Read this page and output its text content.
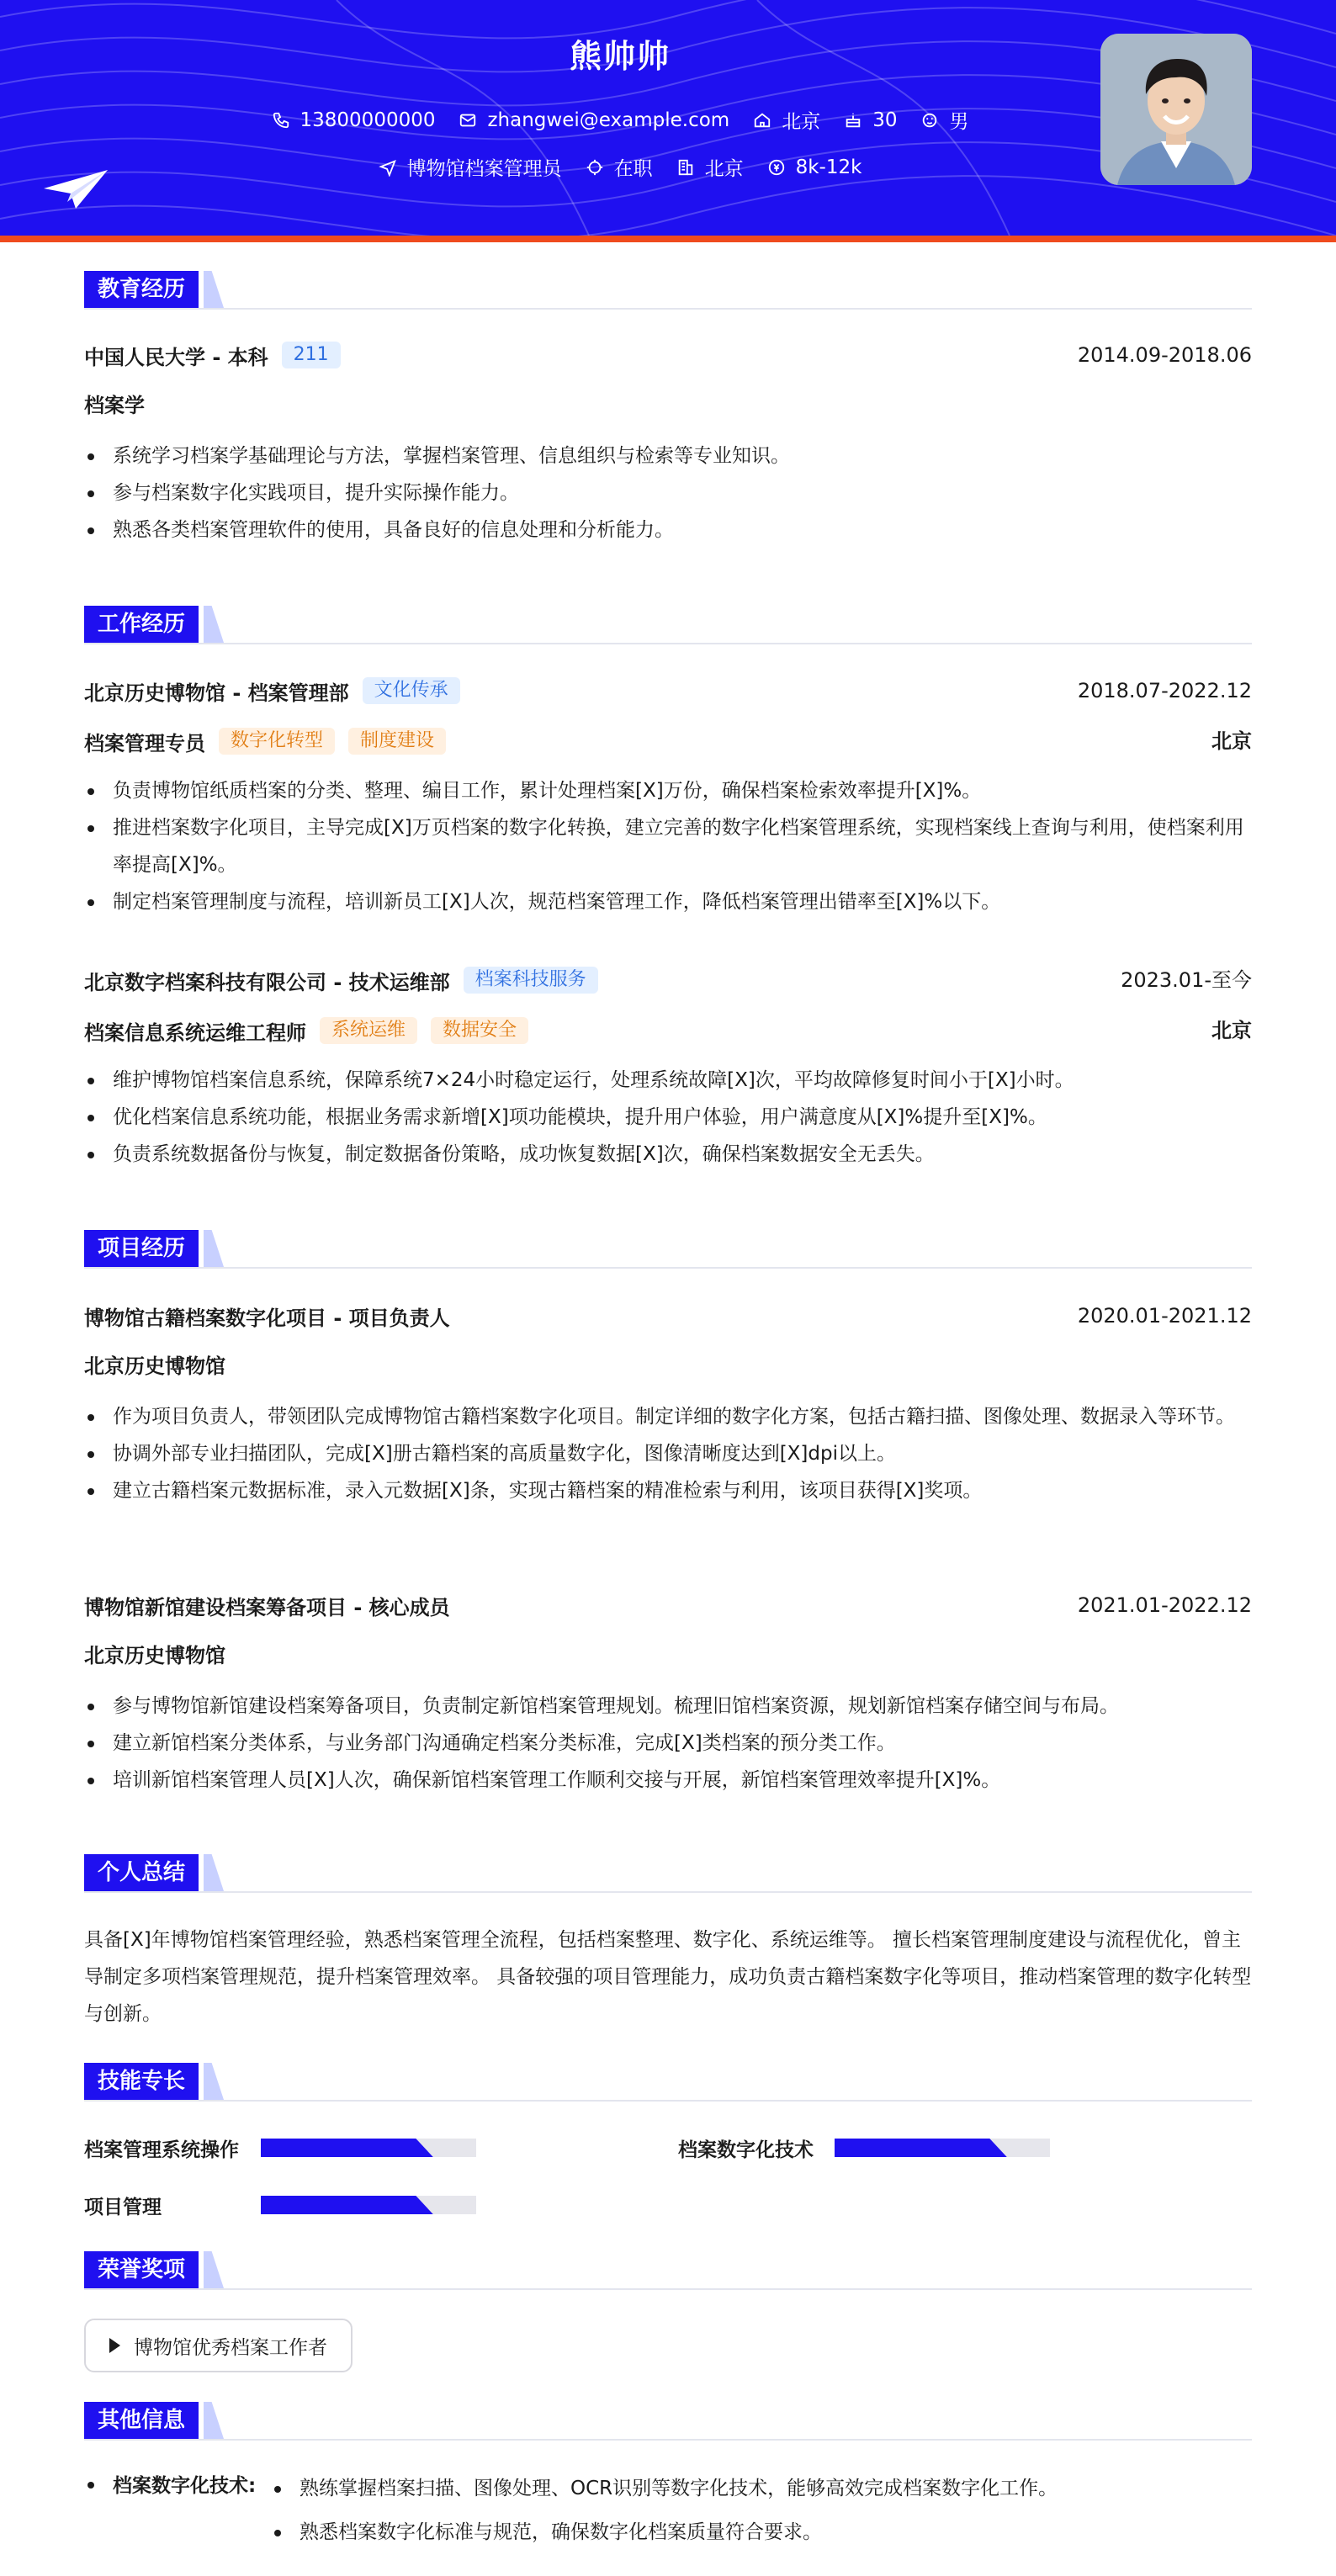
熊帅帅
13800000000	zhangwei@example.com	北京	30	男
博物馆档案管理员	在职	北京	8k-12k
教育经历
中国人民大学 - 本科	211	2014.09-2018.06
档案学
系统学习档案学基础理论与方法，掌握档案管理、信息组织与检索等专业知识。
参与档案数字化实践项目，提升实际操作能力。
熟悉各类档案管理软件的使用，具备良好的信息处理和分析能力。
工作经历
北京历史博物馆 - 档案管理部	文化传承	2018.07-2022.12
档案管理专员	数字化转型	制度建设	北京
负责博物馆纸质档案的分类、整理、编目工作，累计处理档案[X]万份，确保档案检索效率提升[X]%。
推进档案数字化项目，主导完成[X]万页档案的数字化转换，建立完善的数字化档案管理系统，实现档案线上查询与利用，使档案利用率提高[X]%。
制定档案管理制度与流程，培训新员工[X]人次，规范档案管理工作，降低档案管理出错率至[X]%以下。
北京数字档案科技有限公司 - 技术运维部	档案科技服务	2023.01-至今
档案信息系统运维工程师	系统运维	数据安全	北京
维护博物馆档案信息系统，保障系统7×24小时稳定运行，处理系统故障[X]次，平均故障修复时间小于[X]小时。
优化档案信息系统功能，根据业务需求新增[X]项功能模块，提升用户体验，用户满意度从[X]%提升至[X]%。
负责系统数据备份与恢复，制定数据备份策略，成功恢复数据[X]次，确保档案数据安全无丢失。
项目经历
博物馆古籍档案数字化项目 - 项目负责人	2020.01-2021.12
北京历史博物馆
作为项目负责人，带领团队完成博物馆古籍档案数字化项目。制定详细的数字化方案，包括古籍扫描、图像处理、数据录入等环节。
协调外部专业扫描团队，完成[X]册古籍档案的高质量数字化，图像清晰度达到[X]dpi以上。
建立古籍档案元数据标准，录入元数据[X]条，实现古籍档案的精准检索与利用，该项目获得[X]奖项。
博物馆新馆建设档案筹备项目 - 核心成员	2021.01-2022.12
北京历史博物馆
参与博物馆新馆建设档案筹备项目，负责制定新馆档案管理规划。梳理旧馆档案资源，规划新馆档案存储空间与布局。
建立新馆档案分类体系，与业务部门沟通确定档案分类标准，完成[X]类档案的预分类工作。
培训新馆档案管理人员[X]人次，确保新馆档案管理工作顺利交接与开展，新馆档案管理效率提升[X]%。
个人总结
具备[X]年博物馆档案管理经验，熟悉档案管理全流程，包括档案整理、数字化、系统运维等。 擅长档案管理制度建设与流程优化，曾主导制定多项档案管理规范，提升档案管理效率。 具备较强的项目管理能力，成功负责古籍档案数字化等项目，推动档案管理的数字化转型与创新。
技能专长
档案管理系统操作	档案数字化技术
项目管理
荣誉奖项
博物馆优秀档案工作者
其他信息
档案数字化技术:	熟练掌握档案扫描、图像处理、OCR识别等数字化技术，能够高效完成档案数字化工作。
熟悉档案数字化标准与规范，确保数字化档案质量符合要求。
